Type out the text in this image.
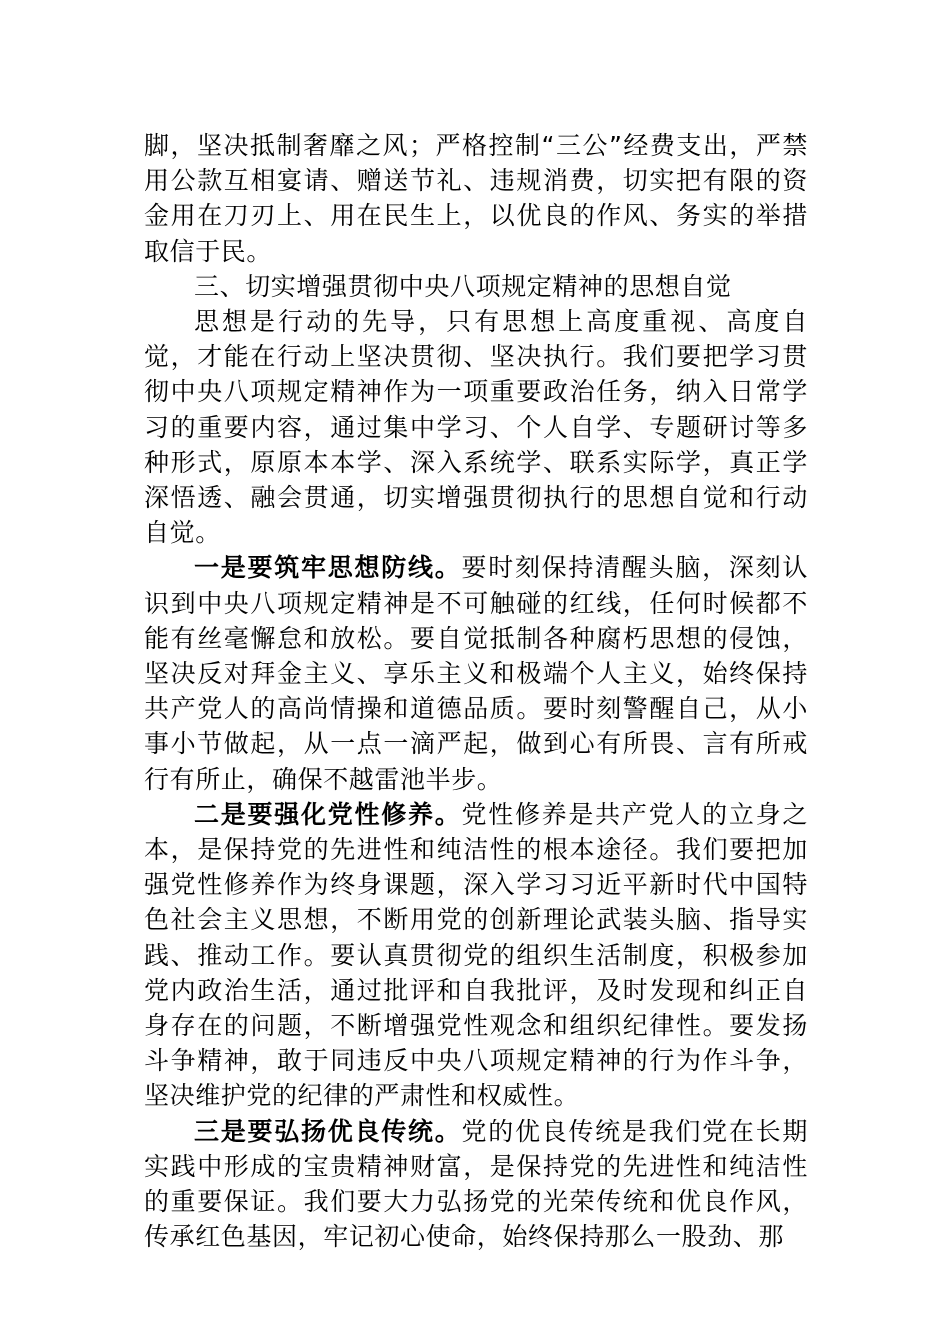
脚，坚决抵制奢靡之风；严格控制“三公”经费支出，严禁用公款互相宴请、赠送节礼、违规消费，切实把有限的资金用在刀刃上、用在民生上，以优良的作风、务实的举措取信于民。

三、切实增强贯彻中央八项规定精神的思想自觉

思想是行动的先导，只有思想上高度重视、高度自觉，才能在行动上坚决贯彻、坚决执行。我们要把学习贯彻中央八项规定精神作为一项重要政治任务，纳入日常学习的重要内容，通过集中学习、个人自学、专题研讨等多种形式，原原本本学、深入系统学、联系实际学，真正学深悟透、融会贯通，切实增强贯彻执行的思想自觉和行动自觉。

一是要筑牢思想防线。要时刻保持清醒头脑，深刻认识到中央八项规定精神是不可触碰的红线，任何时候都不能有丝毫懈怠和放松。要自觉抵制各种腐朽思想的侵蚀，坚决反对拜金主义、享乐主义和极端个人主义，始终保持共产党人的高尚情操和道德品质。要时刻警醒自己，从小事小节做起，从一点一滴严起，做到心有所畏、言有所戒行有所止，确保不越雷池半步。

二是要强化党性修养。党性修养是共产党人的立身之本，是保持党的先进性和纯洁性的根本途径。我们要把加强党性修养作为终身课题，深入学习习近平新时代中国特色社会主义思想，不断用党的创新理论武装头脑、指导实践、推动工作。要认真贯彻党的组织生活制度，积极参加党内政治生活，通过批评和自我批评，及时发现和纠正自身存在的问题，不断增强党性观念和组织纪律性。要发扬斗争精神，敢于同违反中央八项规定精神的行为作斗争，坚决维护党的纪律的严肃性和权威性。

三是要弘扬优良传统。党的优良传统是我们党在长期实践中形成的宝贵精神财富，是保持党的先进性和纯洁性的重要保证。我们要大力弘扬党的光荣传统和优良作风，传承红色基因，牢记初心使命，始终保持那么一股劲、那
